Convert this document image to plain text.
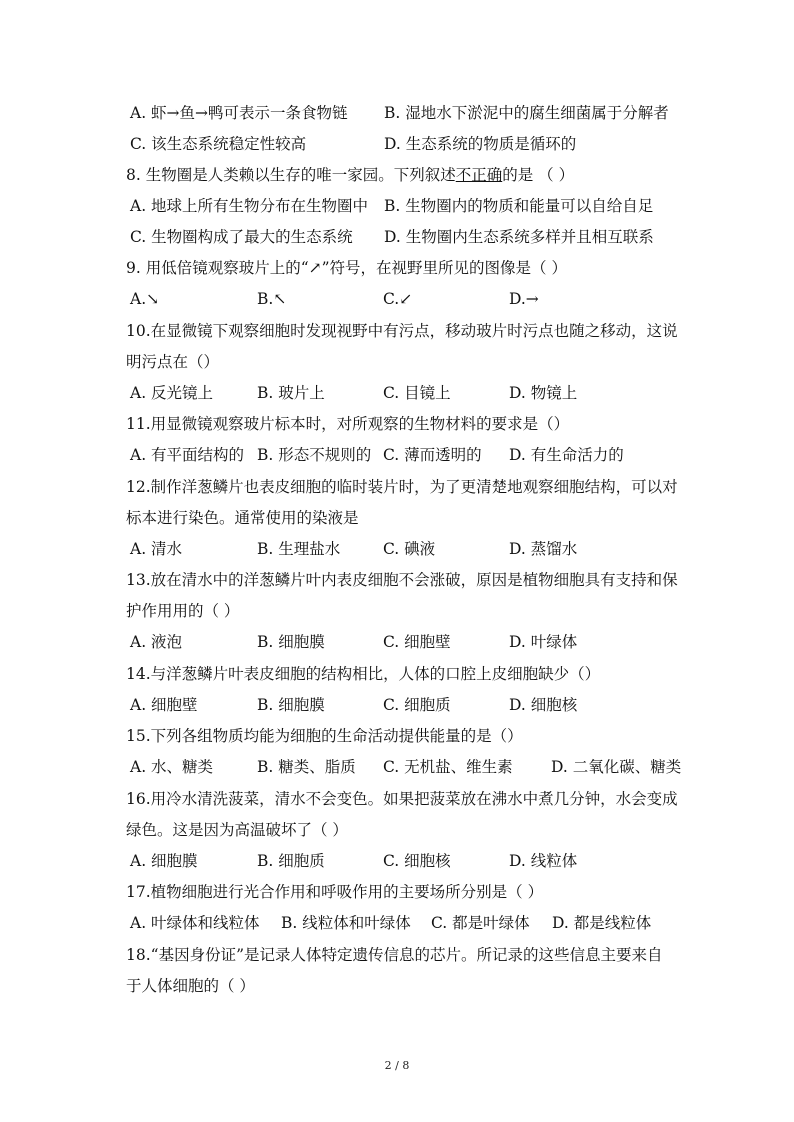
A. 虾→鱼→鸭可表示一条食物链 B. 湿地水下淤泥中的腐生细菌属于分解者
C. 该生态系统稳定性较高	D. 生态系统的物质是循环的
8. 生物圈是人类赖以生存的唯一家园。下列叙述不正确的是 （ ）
A. 地球上所有生物分布在生物圈中 B. 生物圈内的物质和能量可以自给自足
C. 生物圈构成了最大的生态系统 D. 生物圈内生态系统多样并且相互联系
9. 用低倍镜观察玻片上的“↗”符号，在视野里所见的图像是（ ）
A.↘	B.↖	C.↙	D.→
10.在显微镜下观察细胞时发现视野中有污点，移动玻片时污点也随之移动，这说
明污点在（）
A. 反光镜上	B. 玻片上	C. 目镜上	D. 物镜上
11.用显微镜观察玻片标本时，对所观察的生物材料的要求是（）
A. 有平面结构的 B. 形态不规则的 C. 薄而透明的 D. 有生命活力的
12.制作洋葱鳞片也表皮细胞的临时装片时，为了更清楚地观察细胞结构，可以对
标本进行染色。通常使用的染液是
A. 清水	B. 生理盐水	C. 碘液	D. 蒸馏水
13.放在清水中的洋葱鳞片叶内表皮细胞不会涨破，原因是植物细胞具有支持和保
护作用用的（ ）
A. 液泡	B. 细胞膜	C. 细胞壁	D. 叶绿体
14.与洋葱鳞片叶表皮细胞的结构相比，人体的口腔上皮细胞缺少（）
A. 细胞壁	B. 细胞膜	C. 细胞质	D. 细胞核
15.下列各组物质均能为细胞的生命活动提供能量的是（）
A. 水、糖类	B. 糖类、脂质 C. 无机盐、维生素 D. 二氧化碳、糖类
16.用冷水清洗菠菜，清水不会变色。如果把菠菜放在沸水中煮几分钟，水会变成
绿色。这是因为高温破坏了（ ）
A. 细胞膜	B. 细胞质	C. 细胞核	D. 线粒体
17.植物细胞进行光合作用和呼吸作用的主要场所分别是（ ）
A. 叶绿体和线粒体 B. 线粒体和叶绿体 C. 都是叶绿体 D. 都是线粒体
18.“基因身份证”是记录人体特定遗传信息的芯片。所记录的这些信息主要来自
于人体细胞的（ ）
2 / 8
